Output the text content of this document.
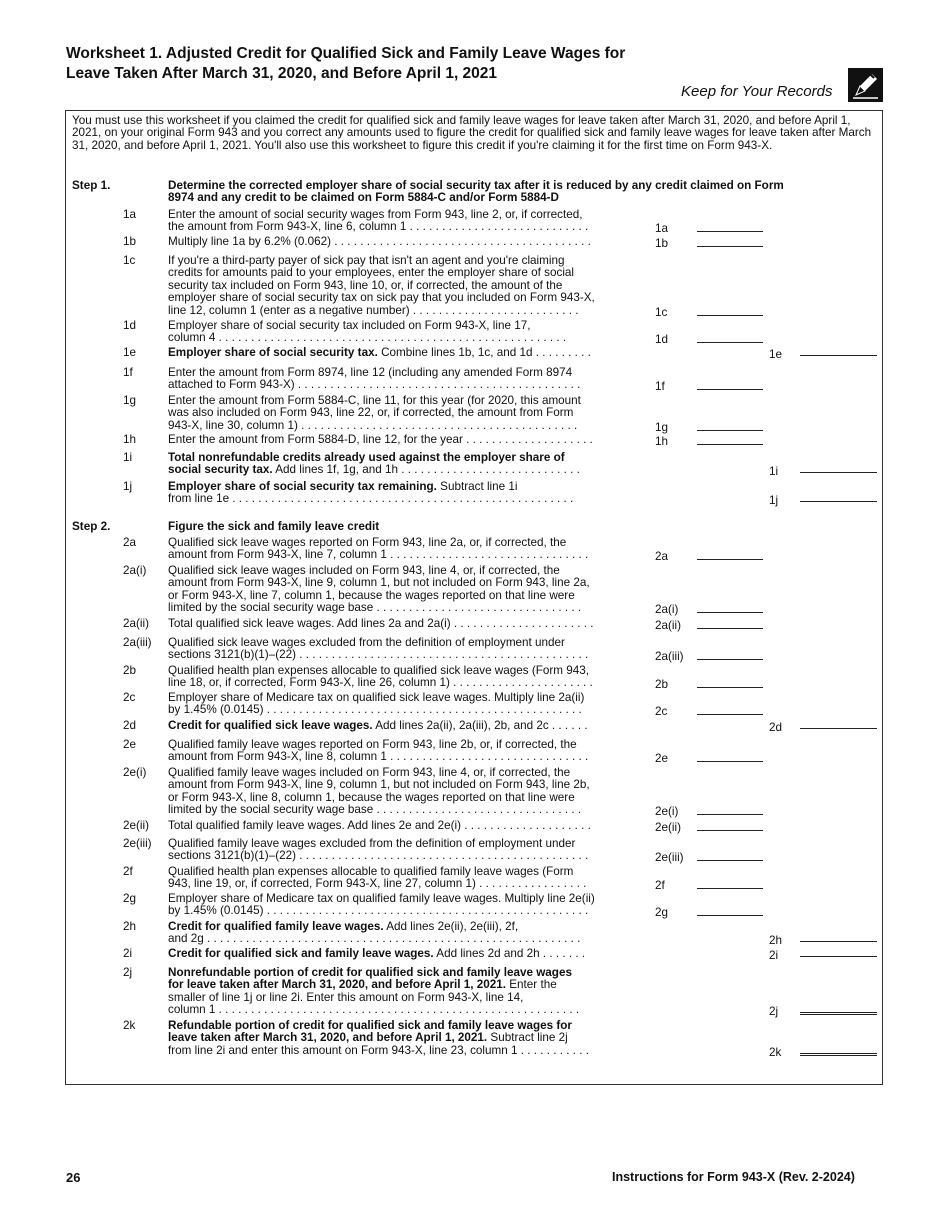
Worksheet 1. Adjusted Credit for Qualified Sick and Family Leave Wages for Leave Taken After March 31, 2020, and Before April 1, 2021
Keep for Your Records
You must use this worksheet if you claimed the credit for qualified sick and family leave wages for leave taken after March 31, 2020, and before April 1, 2021, on your original Form 943 and you correct any amounts used to figure the credit for qualified sick and family leave wages for leave taken after March 31, 2020, and before April 1, 2021. You'll also use this worksheet to figure this credit if you're claiming it for the first time on Form 943-X.
Step 1.	Determine the corrected employer share of social security tax after it is reduced by any credit claimed on Form
8974 and any credit to be claimed on Form 5884-C and/or Form 5884-D
Step 2.	Figure the sick and family leave credit
1a	Enter the amount of social security wages from Form 943, line 2, or, if corrected,
the amount from Form 943-X, line 6, column 1 . . . . . . . . . . . . . . . . . . . . . . . . . . . .	1a
1b	Multiply line 1a by 6.2% (0.062) . . . . . . . . . . . . . . . . . . . . . . . . . . . . . . . . . . . . . . . .	1b
1c	If you're a third-party payer of sick pay that isn't an agent and you're claiming
credits for amounts paid to your employees, enter the employer share of social
security tax included on Form 943, line 10, or, if corrected, the amount of the
employer share of social security tax on sick pay that you included on Form 943-X,
line 12, column 1 (enter as a negative number) . . . . . . . . . . . . . . . . . . . . . . . . . .	1c
1d	Employer share of social security tax included on Form 943-X, line 17,
column 4 . . . . . . . . . . . . . . . . . . . . . . . . . . . . . . . . . . . . . . . . . . . . . . . . . . . . . .	1d
1e	Employer share of social security tax. Combine lines 1b, 1c, and 1d . . . . . . . . .	1e
1f	Enter the amount from Form 8974, line 12 (including any amended Form 8974
attached to Form 943-X) . . . . . . . . . . . . . . . . . . . . . . . . . . . . . . . . . . . . . . . . . . . .	1f
1g	Enter the amount from Form 5884-C, line 11, for this year (for 2020, this amount
was also included on Form 943, line 22, or, if corrected, the amount from Form
943-X, line 30, column 1) . . . . . . . . . . . . . . . . . . . . . . . . . . . . . . . . . . . . . . . . . . .	1g
1h	Enter the amount from Form 5884-D, line 12, for the year . . . . . . . . . . . . . . . . . . . .	1h
1i	Total nonrefundable credits already used against the employer share of
social security tax. Add lines 1f, 1g, and 1h . . . . . . . . . . . . . . . . . . . . . . . . . . . .	1i
1j	Employer share of social security tax remaining. Subtract line 1i
from line 1e . . . . . . . . . . . . . . . . . . . . . . . . . . . . . . . . . . . . . . . . . . . . . . . . . . . . .	1j
2a	Qualified sick leave wages reported on Form 943, line 2a, or, if corrected, the
amount from Form 943-X, line 7, column 1 . . . . . . . . . . . . . . . . . . . . . . . . . . . . . . .	2a
2a(i) Qualified sick leave wages included on Form 943, line 4, or, if corrected, the
amount from Form 943-X, line 9, column 1, but not included on Form 943, line 2a,
or Form 943-X, line 7, column 1, because the wages reported on that line were
limited by the social security wage base . . . . . . . . . . . . . . . . . . . . . . . . . . . . . . . .	2a(i)
2a(ii) Total qualified sick leave wages. Add lines 2a and 2a(i) . . . . . . . . . . . . . . . . . . . . . .	2a(ii)
2a(iii) Qualified sick leave wages excluded from the definition of employment under
sections 3121(b)(1)–(22) . . . . . . . . . . . . . . . . . . . . . . . . . . . . . . . . . . . . . . . . . . . . .	2a(iii)
2b	Qualified health plan expenses allocable to qualified sick leave wages (Form 943,
line 18, or, if corrected, Form 943-X, line 26, column 1) . . . . . . . . . . . . . . . . . . . . . .	2b
2c	Employer share of Medicare tax on qualified sick leave wages. Multiply line 2a(ii)
by 1.45% (0.0145) . . . . . . . . . . . . . . . . . . . . . . . . . . . . . . . . . . . . . . . . . . . . . . . . .	2c
2d	Credit for qualified sick leave wages. Add lines 2a(ii), 2a(iii), 2b, and 2c . . . . . .	2d
2e	Qualified family leave wages reported on Form 943, line 2b, or, if corrected, the
amount from Form 943-X, line 8, column 1 . . . . . . . . . . . . . . . . . . . . . . . . . . . . . . .	2e
2e(i) Qualified family leave wages included on Form 943, line 4, or, if corrected, the
amount from Form 943-X, line 9, column 1, but not included on Form 943, line 2b,
or Form 943-X, line 8, column 1, because the wages reported on that line were
limited by the social security wage base . . . . . . . . . . . . . . . . . . . . . . . . . . . . . . . .	2e(i)
2e(ii) Total qualified family leave wages. Add lines 2e and 2e(i) . . . . . . . . . . . . . . . . . . . .	2e(ii)
2e(iii) Qualified family leave wages excluded from the definition of employment under
sections 3121(b)(1)–(22) . . . . . . . . . . . . . . . . . . . . . . . . . . . . . . . . . . . . . . . . . . . . .	2e(iii)
2f	Qualified health plan expenses allocable to qualified family leave wages (Form
943, line 19, or, if corrected, Form 943-X, line 27, column 1) . . . . . . . . . . . . . . . . .	2f
2g	Employer share of Medicare tax on qualified family leave wages. Multiply line 2e(ii)
by 1.45% (0.0145) . . . . . . . . . . . . . . . . . . . . . . . . . . . . . . . . . . . . . . . . . . . . . . . . . .	2g
2h	Credit for qualified family leave wages. Add lines 2e(ii), 2e(iii), 2f,
and 2g . . . . . . . . . . . . . . . . . . . . . . . . . . . . . . . . . . . . . . . . . . . . . . . . . . . . . . . . . .	2h
2i	Credit for qualified sick and family leave wages. Add lines 2d and 2h . . . . . . .	2i
2j	Nonrefundable portion of credit for qualified sick and family leave wages
for leave taken after March 31, 2020, and before April 1, 2021. Enter the
smaller of line 1j or line 2i. Enter this amount on Form 943-X, line 14,
column 1 . . . . . . . . . . . . . . . . . . . . . . . . . . . . . . . . . . . . . . . . . . . . . . . . . . . . . . . .	2j
2k	Refundable portion of credit for qualified sick and family leave wages for
leave taken after March 31, 2020, and before April 1, 2021. Subtract line 2j
from line 2i and enter this amount on Form 943-X, line 23, column 1 . . . . . . . . . . .	2k
26	Instructions for Form 943-X (Rev. 2-2024)
